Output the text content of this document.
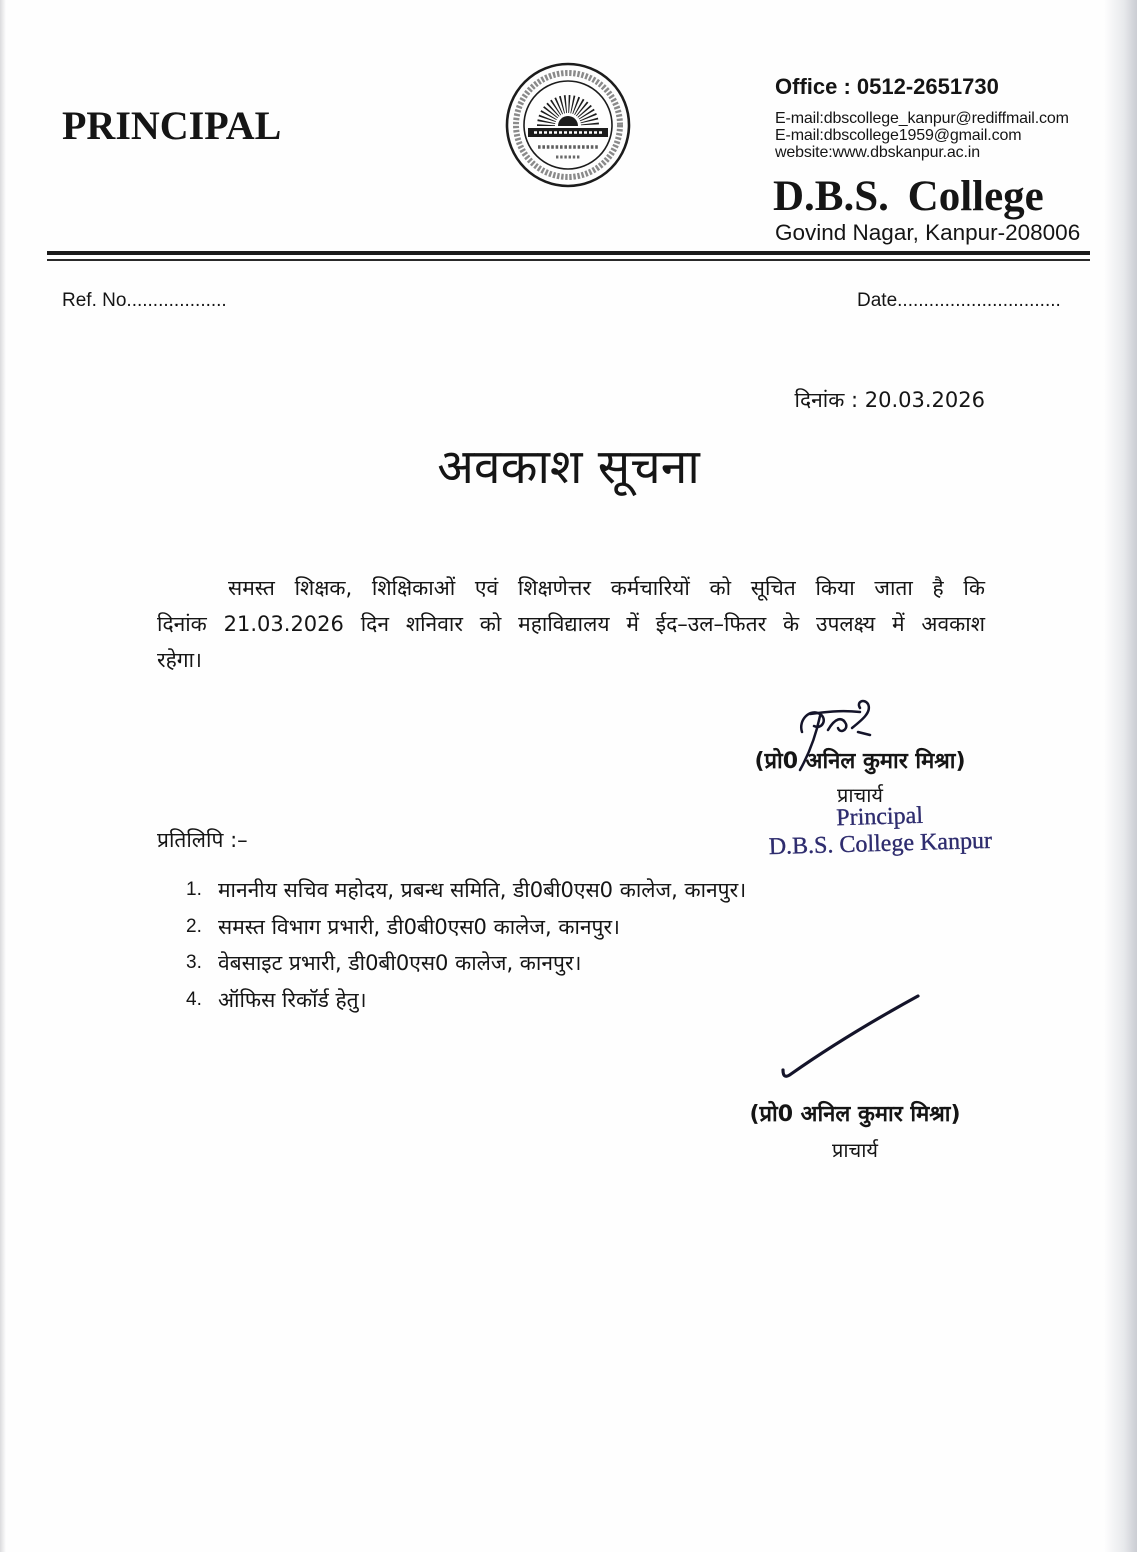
PRINCIPAL
Office : 0512-2651730
E-mail:dbscollege_kanpur@rediffmail.com
E-mail:dbscollege1959@gmail.com
website:www.dbskanpur.ac.in
D.B.S. College
Govind Nagar, Kanpur-208006
Ref. No...................	Date...............................
दिनांक : 20.03.2026
अवकाश सूचना
समस्त शिक्षक, शिक्षिकाओं एवं शिक्षणेत्तर कर्मचारियों को सूचित किया जाता है कि
दिनांक 21.03.2026 दिन शनिवार को महाविद्यालय में ईद–उल–फितर के उपलक्ष्य में अवकाश
रहेगा।
(प्रो0 अनिल कुमार मिश्रा)
प्राचार्य
Principal
D.B.S. College Kanpur
प्रतिलिपि :–
1. माननीय सचिव महोदय, प्रबन्ध समिति, डी0बी0एस0 कालेज, कानपुर।
2. समस्त विभाग प्रभारी, डी0बी0एस0 कालेज, कानपुर।
3. वेबसाइट प्रभारी, डी0बी0एस0 कालेज, कानपुर।
4. ऑफिस रिकॉर्ड हेतु।
(प्रो0 अनिल कुमार मिश्रा)
प्राचार्य
